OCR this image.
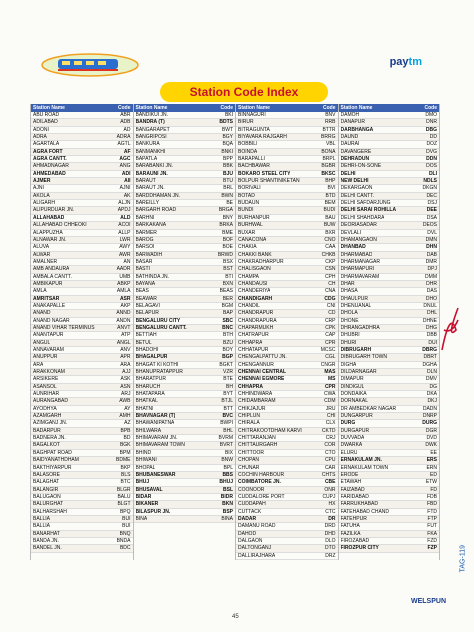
paytm
Station Code Index
Station Name	Code
ABU ROAD	ABR
ADILABAD	ADB
ADONI	AD
ADRA	ADRA
AGARTALA	AGTL
AGRA FORT	AF
AGRA CANTT.	AGC
AHMADNAGAR	ANG
AHMEDABAD	ADI
AJMER	AII
AJNI	AJNI
AKOLA	AK
ALIGARH	ALJN
ALIPURDUAR JN.	APDJ
ALLAHABAD	ALD
ALLAHABAD CHHEOKI	ACOI
ALAPPUZHA	ALLP
ALNAWAR JN.	LWR
ALUVA	AWY
ALWAR	AWR
AMALNER	AN
AMB ANDAURA	AADR
AMBALA CANTT.	UMB
AMBIKAPUR	ABKP
AMLA	AMLA
AMRITSAR	ASR
ANAKAPALLE	AKP
ANAND	ANND
ANAND NAGAR	ANDN
ANAND VIHAR TERMINUS	ANVT
ANANTAPUR	ATP
ANGUL	ANGL
ANNAVARAM	ANV
ANUPPUR	APR
ARA	ARA
ARAKKONAM	AJJ
ARSIKERE	ASK
ASANSOL	ASN
AUNRIHAR	ARJ
AURANGABAD	AWB
AYODHYA	AY
AZAMGARH	AMH
AZIMGANJ JN.	AZ
BADARPUR	BPB
BADNERA JN.	BD
BAGALKOT	BGK
BAGHPAT ROAD	BPM
BAIDYANATHDHAM	BDME
BAKTHIYARPUR	BKP
BALASORE	BLS
BALAGHAT	BTC
BALANGIR	BLGR
BALUGAON	BALU
BALURGHAT	BLGT
BALHARSHAH	BPQ
BALLIA	BUI
BALLIA	BUI
BANARHAT	BNQ
BANDA JN.	BNDA
BANDEL JN.	BDC
Station Name	Code
BANDIKUI JN.	BKI
BANDRA (T)	BDTS
BANGARAPET	BWT
BANGRIPOSI	BGY
BANKURA	BQA
BANMANKHI	BNKI
BAPATLA	BPP
BARABANKI JN.	BBK
BARAUNI JN.	BJU
BARAUT	BTU
BARAUT JN.	BRL
BARDDHAMAN JN.	BWN
BAREILLY	BE
BARGARH ROAD	BRGA
BARHNI	BNY
BARKAKANA	BRKA
BARMER	BME
BAROG	BOF
BARSOI	BOE
BARWADIH	BRWD
BASAR	BSX
BASTI	BST
BATHINDA JN.	BTI
BAYANA	BXN
BEAS	BEAS
BEAWAR	BER
BELAGAVI	BGM
BELAPUR	BAP
BENGALURU CITY	SBC
BENGALURU CANTT.	BNC
BETTIAH	BTH
BETUL	BZU
BHADOHI	BOY
BHAGALPUR	BGP
BHAGAT KI KOTHI	BGKT
BHANUPRATAPPUR	VZR
BHARATPUR	BTE
BHARUCH	BH
BHATAPARA	BYT
BHATKAL	BTJL
BHATNI	BTT
BHAVNAGAR (T)	BVC
BHAWANIPATNA	BWPI
BHILWARA	BHL
BHIMAVARAM JN.	BVRM
BHIMAVARAM TOWN	BVRT
BHIND	BIX
BHIWANI	BNW
BHOPAL	BPL
BHUBANESWAR	BBS
BHUJ	BHUJ
BHUSAVAL	BSL
BIDAR	BIDR
BIKANER	BKN
BILASPUR JN.	BSP
BINA	BINA
Station Name	Code
BINNAGURI	BNV
BIRUR	RRB
BITRAGUNTA	BTTR
BIYAVARA RAJGARH	BRRG
BOBBILI	VBL
BOINDA	BONA
BARAPALLI	BRPL
BACHBAWAR	BGBR
BOKARO STEEL CITY	BKSC
BOLPUR SHANTINIKETAN	BHP
BORIVALI	BVI
BOTAD	BTD
BUDAUN	BEM
BUNDI	BUDI
BURHANPUR	BAU
BURHWAL	BUW
BUXAR	BXR
CANACONA	CNO
CHAKIA	CAA
CHAKKI BANK	CHKB
CHAKRADHARPUR	CKP
CHALISGAON	CSN
CHAMPA	CPH
CHANDAUSI	CH
CHANDERIYA	CNA
CHANDIGARH	CDG
CHANDIL	CNI
CHANDRAPUR	CD
CHANDRAPURA	CRP
CHAPARMUKH	CPK
CHATRAPUR	CAP
CHHAPRA	CPR
CHHATAPUR	MCSC
CHENGALPATTU JN.	CGL
CHENGANNUR	CNGR
CHENNAI CENTRAL	MAS
CHENNAI EGMORE	MS
CHHAPRA	CPR
CHHINDWARA	CWA
CHIDAMBARAM	CDM
CHIKJAJUR	JRU
CHIPLUN	CHI
CHIRALA	CLX
CHITRAKOOTDHAM KARVI	CKTD
CHITTARANJAN	CRJ
CHITTAURGARH	COR
CHITTOOR	CTO
CHOPAN	CPU
CHUNAR	CAR
COCHIN HARBOUR	CHTS
COIMBATORE JN.	CBE
COONOOR	ONR
CUDDALORE PORT	CUPJ
CUDDAPAH	HX
CUTTACK	CTC
DADAR	DR
DAMANU ROAD	DRD
DAHOD	DHD
DALGAON	DLO
DALTONGANJ	DTO
DALLIRAJHARA	DRZ
Station Name	Code
DAMOH	DMO
DANAPUR	DNR
DARBHANGA	DBG
DAUND	DD
DAURAI	DOZ
DAVANGERE	DVG
DEHRADUN	DDN
DEHRI-ON-SONE	DOS
DELHI	DLI
NEW DELHI	NDLS
DEKARGAON	DKGN
DELHI CANTT.	DEC
DELHI SAFDARJUNG	DSJ
DELHI SARAI ROHILLA	DEE
DELHI SHAHDARA	DSA
DEORIASADAR	DEOS
DEVLALI	DVL
DHAMANGAON	DMN
DHANBAD	DHN
DHARMABAD	DAB
DHARMANAGAR	DMR
DHARMAPURI	DPJ
DHARMAVARAM	DMM
DHAR	DHR
DHASA	DAS
DHAULPUR	DHO
DHENUANAL	DNUL
DHOLA	DHL
DHONE	DHNE
DHRANGADHRA	DHG
DHUBRI	DBB
DHURI	DUI
DIBRUGARH	DBRG
DIBRUGARH TOWN	DBRT
DIGHA	DGHA
DILDARNAGAR	DLN
DIMAPUR	DMV
DINDIGUL	DG
DONDAIKA	DKA
DORNAKAL	DKJ
DR AMBEDKAR NAGAR	DADN
DUNGARPUR	DNRP
DURG	DURG
DURGAPUR	DGR
DUVVADA	DVD
DWARKA	DWK
ELURU	EE
ERNAKULAM JN.	ERS
ERNAKULAM TOWN	ERN
ERODE	ED
ETAWAH	ETW
FAIZABAD	FD
FARIDABAD	FDB
FARRUKHABAD	FBD
FATEHABAD CHAND	FTD
FATEHPUR	FTP
FATUHA	FUT
FAZILKA	FKA
FIROZABAD	FZD
FIROZPUR CITY	FZP	TAG-119
45
WELSPUN
